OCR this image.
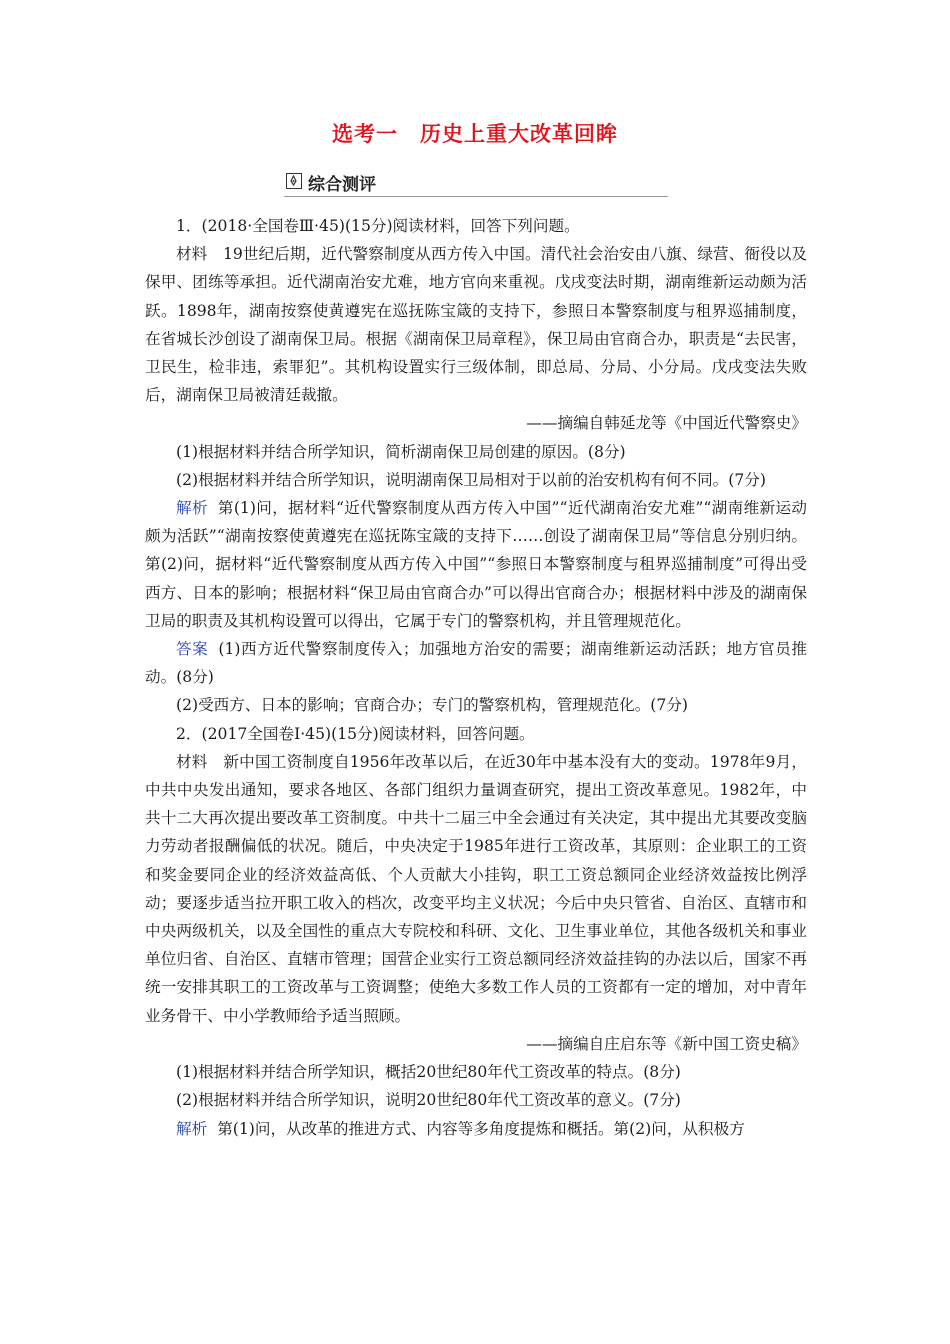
选考一　历史上重大改革回眸
综合测评

1．(2018·全国卷Ⅲ·45)(15分)阅读材料，回答下列问题。

材料　19世纪后期，近代警察制度从西方传入中国。清代社会治安由八旗、绿营、衙役以及保甲、团练等承担。近代湖南治安尤难，地方官向来重视。戊戌变法时期，湖南维新运动颇为活跃。1898年，湖南按察使黄遵宪在巡抚陈宝箴的支持下，参照日本警察制度与租界巡捕制度，在省城长沙创设了湖南保卫局。根据《湖南保卫局章程》，保卫局由官商合办，职责是“去民害，卫民生，检非违，索罪犯”。其机构设置实行三级体制，即总局、分局、小分局。戊戌变法失败后，湖南保卫局被清廷裁撤。

——摘编自韩延龙等《中国近代警察史》

(1)根据材料并结合所学知识，简析湖南保卫局创建的原因。(8分)

(2)根据材料并结合所学知识，说明湖南保卫局相对于以前的治安机构有何不同。(7分)

解析 第(1)问，据材料“近代警察制度从西方传入中国”“近代湖南治安尤难”“湖南维新运动颇为活跃”“湖南按察使黄遵宪在巡抚陈宝箴的支持下……创设了湖南保卫局”等信息分别归纳。第(2)问，据材料“近代警察制度从西方传入中国”“参照日本警察制度与租界巡捕制度”可得出受西方、日本的影响；根据材料“保卫局由官商合办”可以得出官商合办；根据材料中涉及的湖南保卫局的职责及其机构设置可以得出，它属于专门的警察机构，并且管理规范化。

答案 (1)西方近代警察制度传入；加强地方治安的需要；湖南维新运动活跃；地方官员推动。(8分)

(2)受西方、日本的影响；官商合办；专门的警察机构，管理规范化。(7分)

2．(2017全国卷Ⅰ·45)(15分)阅读材料，回答问题。

材料　新中国工资制度自1956年改革以后，在近30年中基本没有大的变动。1978年9月，中共中央发出通知，要求各地区、各部门组织力量调查研究，提出工资改革意见。1982年，中共十二大再次提出要改革工资制度。中共十二届三中全会通过有关决定，其中提出尤其要改变脑力劳动者报酬偏低的状况。随后，中央决定于1985年进行工资改革，其原则：企业职工的工资和奖金要同企业的经济效益高低、个人贡献大小挂钩，职工工资总额同企业经济效益按比例浮动；要逐步适当拉开职工收入的档次，改变平均主义状况；今后中央只管省、自治区、直辖市和中央两级机关，以及全国性的重点大专院校和科研、文化、卫生事业单位，其他各级机关和事业单位归省、自治区、直辖市管理；国营企业实行工资总额同经济效益挂钩的办法以后，国家不再统一安排其职工的工资改革与工资调整；使绝大多数工作人员的工资都有一定的增加，对中青年业务骨干、中小学教师给予适当照顾。

——摘编自庄启东等《新中国工资史稿》

(1)根据材料并结合所学知识，概括20世纪80年代工资改革的特点。(8分)

(2)根据材料并结合所学知识，说明20世纪80年代工资改革的意义。(7分)

解析 第(1)问，从改革的推进方式、内容等多角度提炼和概括。第(2)问，从积极方
